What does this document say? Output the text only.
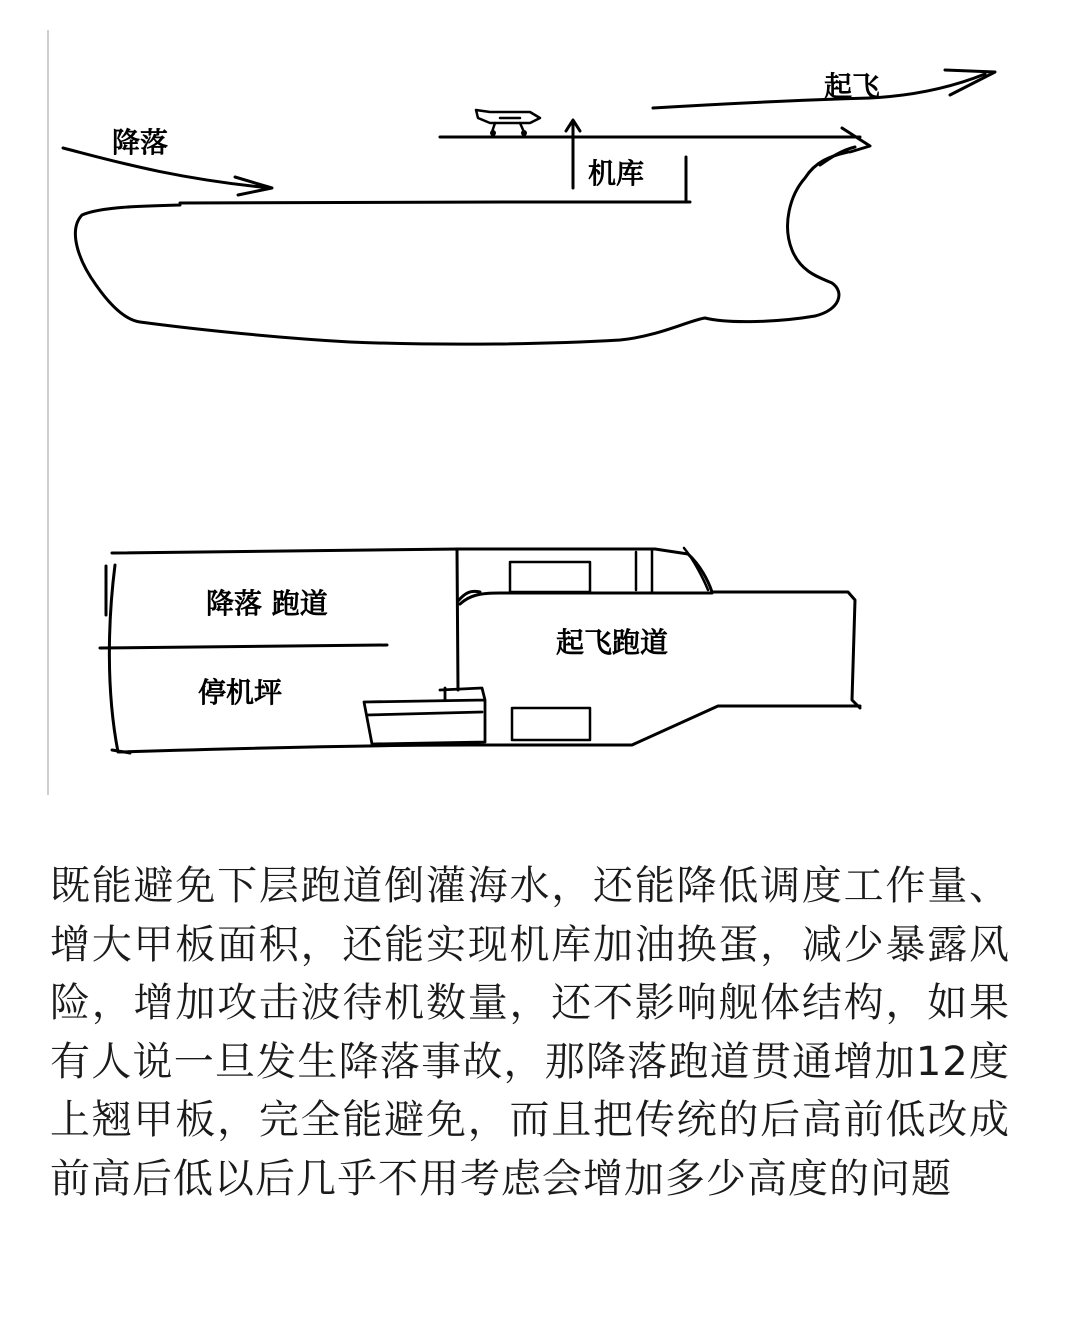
降落
机库
起飞
降落 跑道
停机坪
起飞跑道

既能避免下层跑道倒灌海水，还能降低调度工作量、增大甲板面积，还能实现机库加油换蛋，减少暴露风险，增加攻击波待机数量，还不影响舰体结构，如果有人说一旦发生降落事故，那降落跑道贯通增加12度上翘甲板，完全能避免，而且把传统的后高前低改成前高后低以后几乎不用考虑会增加多少高度的问题
